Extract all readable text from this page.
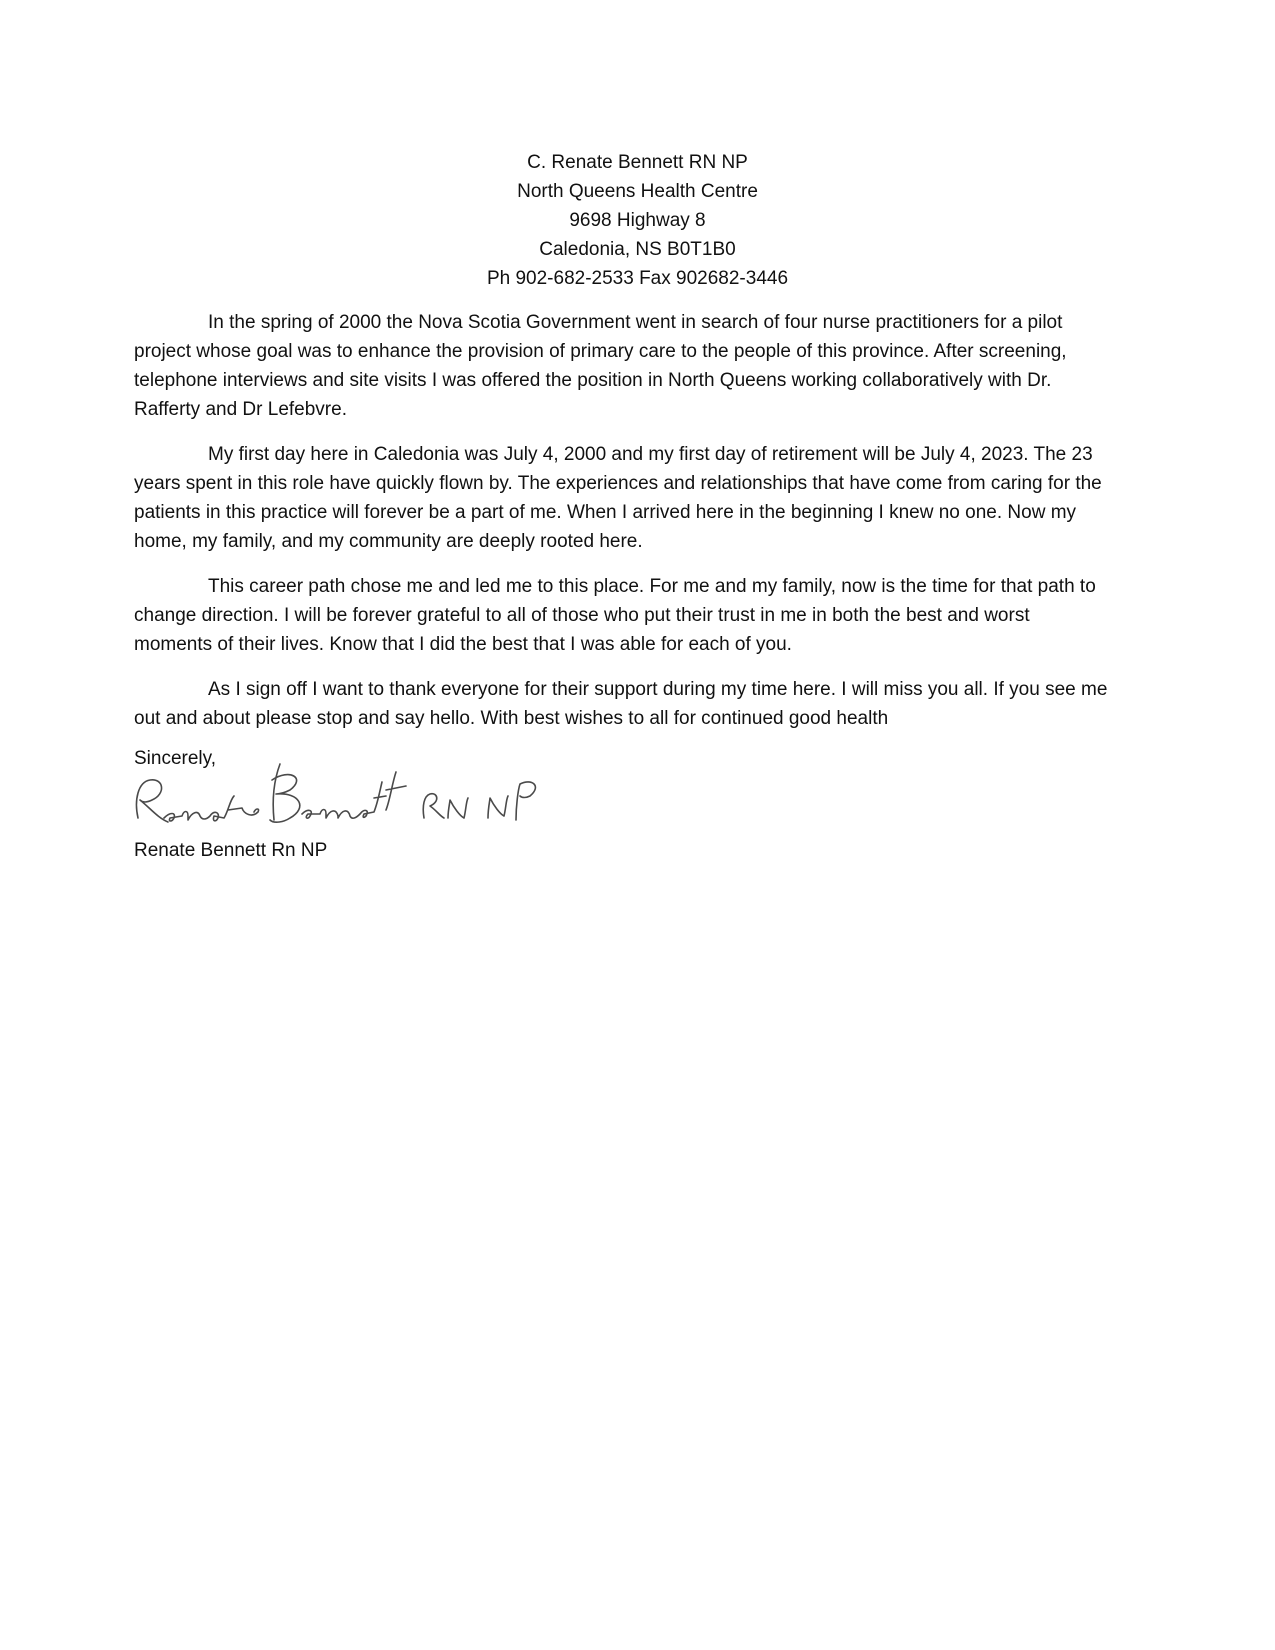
C. Renate Bennett RN NP
North Queens Health Centre
9698 Highway 8
Caledonia, NS B0T1B0
Ph 902-682-2533 Fax 902682-3446

In the spring of 2000 the Nova Scotia Government went in search of four nurse practitioners for a pilot project whose goal was to enhance the provision of primary care to the people of this province. After screening, telephone interviews and site visits I was offered the position in North Queens working collaboratively with Dr. Rafferty and Dr Lefebvre.

My first day here in Caledonia was July 4, 2000 and my first day of retirement will be July 4, 2023. The 23 years spent in this role have quickly flown by. The experiences and relationships that have come from caring for the patients in this practice will forever be a part of me. When I arrived here in the beginning I knew no one. Now my home, my family, and my community are deeply rooted here.

This career path chose me and led me to this place. For me and my family, now is the time for that path to change direction. I will be forever grateful to all of those who put their trust in me in both the best and worst moments of their lives. Know that I did the best that I was able for each of you.

As I sign off I want to thank everyone for their support during my time here. I will miss you all. If you see me out and about please stop and say hello. With best wishes to all for continued good health

Sincerely,
Renate Bennett Rn NP
